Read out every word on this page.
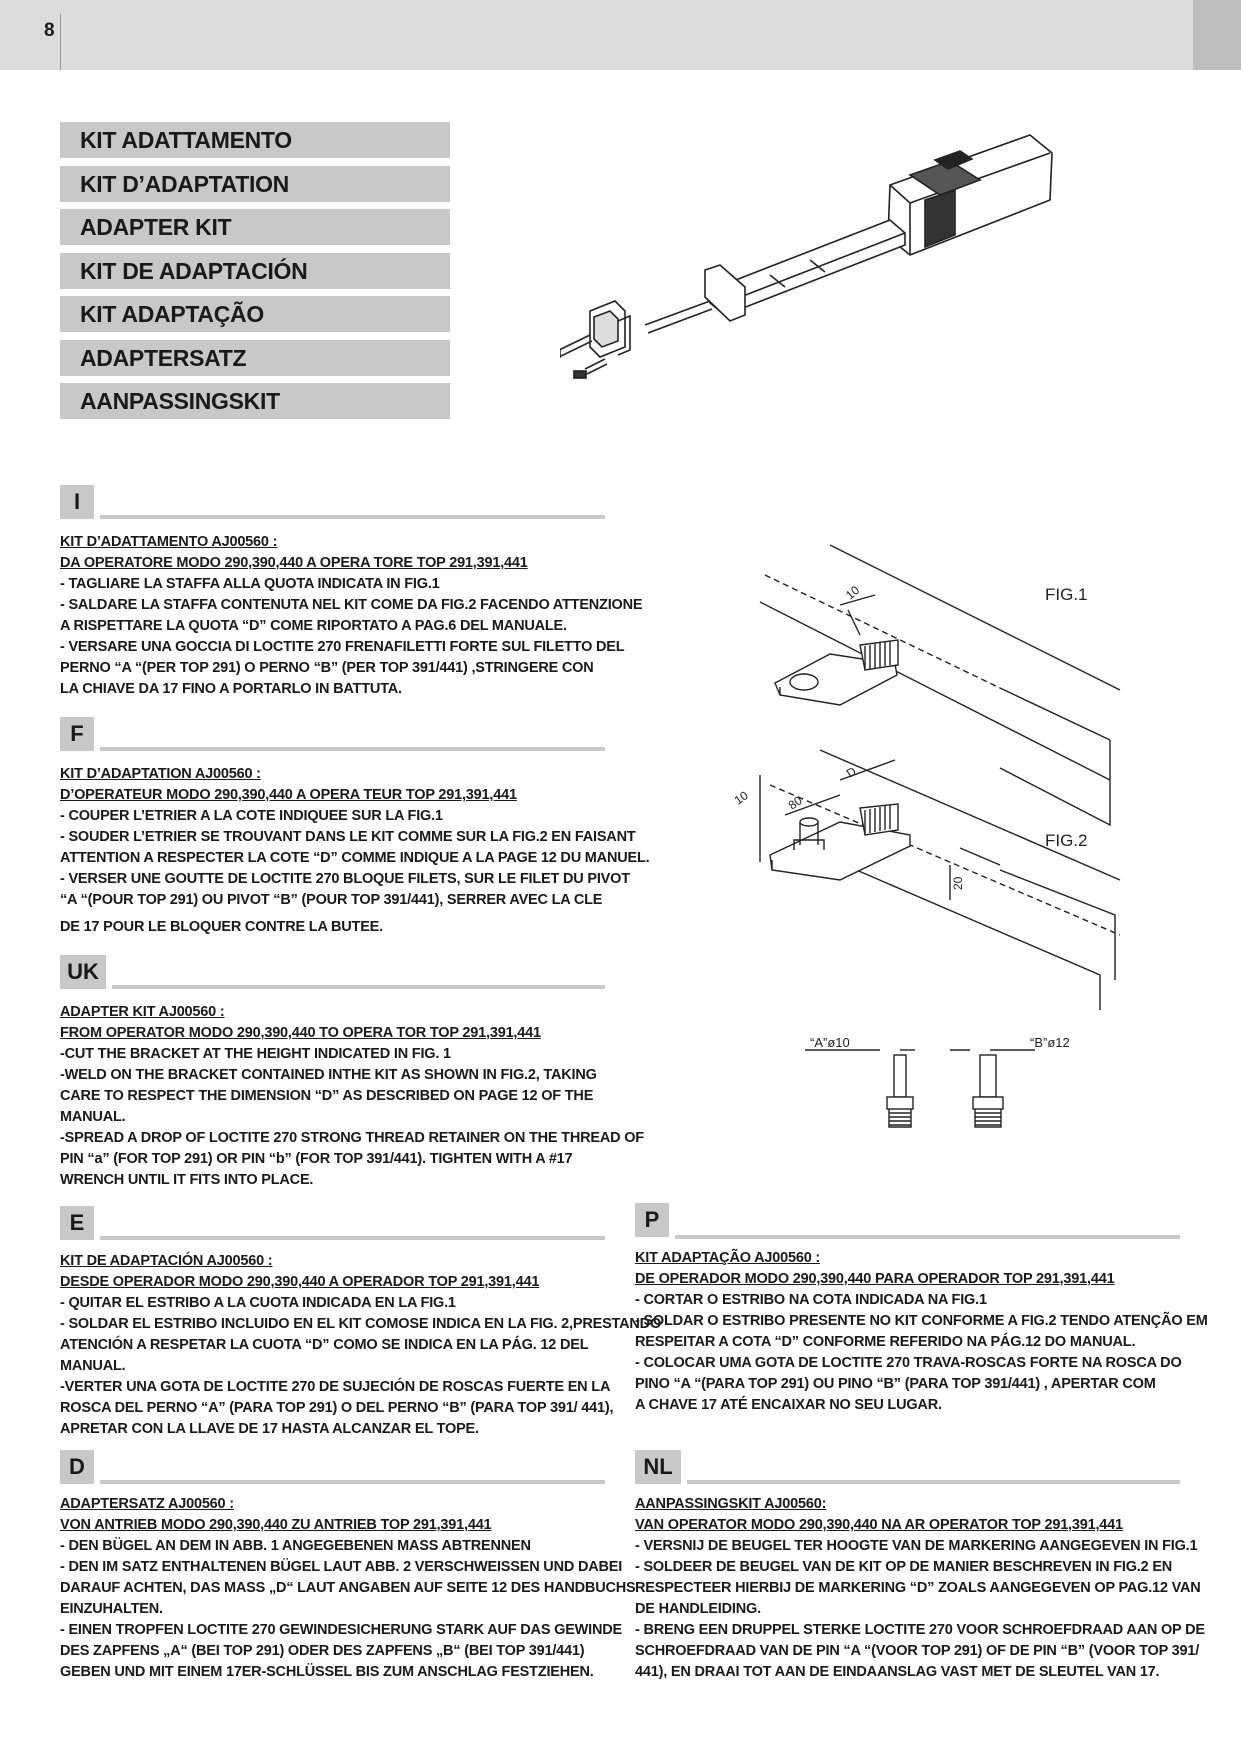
8
KIT ADATTAMENTO
KIT D’ADAPTATION
ADAPTER KIT
KIT DE ADAPTACIÓN
KIT ADAPTAÇÃO
ADAPTERSATZ
AANPASSINGSKIT
FIG.1
10
FIG.2
D
10	80
20
“A”ø10	“B”ø12
I

KIT D’ADATTAMENTO AJ00560 :

DA OPERATORE MODO 290,390,440 A OPERA TORE TOP 291,391,441

- TAGLIARE LA STAFFA ALLA QUOTA INDICATA IN FIG.1

- SALDARE LA STAFFA CONTENUTA NEL KIT COME DA FIG.2 FACENDO ATTENZIONE

A RISPETTARE LA QUOTA “D” COME RIPORTATO A PAG.6 DEL MANUALE.

- VERSARE UNA GOCCIA DI LOCTITE 270 FRENAFILETTI FORTE SUL FILETTO DEL

PERNO “A “(PER TOP 291) O PERNO “B” (PER TOP 391/441) ,STRINGERE CON

LA CHIAVE DA 17 FINO A PORTARLO IN BATTUTA.

F

KIT D’ADAPTATION AJ00560 :

D’OPERATEUR MODO 290,390,440 A OPERA TEUR TOP 291,391,441

- COUPER L’ETRIER A LA COTE INDIQUEE SUR LA FIG.1

- SOUDER L’ETRIER SE TROUVANT DANS LE KIT COMME SUR LA FIG.2 EN FAISANT

ATTENTION A RESPECTER LA COTE “D” COMME INDIQUE A LA PAGE 12 DU MANUEL.

- VERSER UNE GOUTTE DE LOCTITE 270 BLOQUE FILETS, SUR LE FILET DU PIVOT

“A “(POUR TOP 291) OU PIVOT “B” (POUR TOP 391/441), SERRER AVEC LA CLE

DE 17 POUR LE BLOQUER CONTRE LA BUTEE.

UK

ADAPTER KIT AJ00560 :

FROM OPERATOR MODO 290,390,440 TO OPERA TOR TOP 291,391,441

-CUT THE BRACKET AT THE HEIGHT INDICATED IN FIG. 1

-WELD ON THE BRACKET CONTAINED INTHE KIT AS SHOWN IN FIG.2, TAKING

CARE TO RESPECT THE DIMENSION “D” AS DESCRIBED ON PAGE 12 OF THE

MANUAL.

-SPREAD A DROP OF LOCTITE 270 STRONG THREAD RETAINER ON THE THREAD OF

PIN “a” (FOR TOP 291) OR PIN “b” (FOR TOP 391/441). TIGHTEN WITH A #17

WRENCH UNTIL IT FITS INTO PLACE.

E

KIT DE ADAPTACIÓN AJ00560 :

DESDE OPERADOR MODO 290,390,440 A OPERADOR TOP 291,391,441

- QUITAR EL ESTRIBO A LA CUOTA INDICADA EN LA FIG.1

- SOLDAR EL ESTRIBO INCLUIDO EN EL KIT COMOSE INDICA EN LA FIG. 2,PRESTANDO

ATENCIÓN A RESPETAR LA CUOTA “D” COMO SE INDICA EN LA PÁG. 12 DEL

MANUAL.

-VERTER UNA GOTA DE LOCTITE 270 DE SUJECIÓN DE ROSCAS FUERTE EN LA

ROSCA DEL PERNO “A” (PARA TOP 291) O DEL PERNO “B” (PARA TOP 391/ 441),

APRETAR CON LA LLAVE DE 17 HASTA ALCANZAR EL TOPE.

P

KIT ADAPTAÇÃO AJ00560 :

DE OPERADOR MODO 290,390,440 PARA OPERADOR TOP 291,391,441

- CORTAR O ESTRIBO NA COTA INDICADA NA FIG.1

- SOLDAR O ESTRIBO PRESENTE NO KIT CONFORME A FIG.2 TENDO ATENÇÃO EM

RESPEITAR A COTA “D” CONFORME REFERIDO NA PÁG.12 DO MANUAL.

- COLOCAR UMA GOTA DE LOCTITE 270 TRAVA-ROSCAS FORTE NA ROSCA DO

PINO “A “(PARA TOP 291) OU PINO “B” (PARA TOP 391/441) , APERTAR COM

A CHAVE 17 ATÉ ENCAIXAR NO SEU LUGAR.

D

ADAPTERSATZ AJ00560 :

VON ANTRIEB MODO 290,390,440 ZU ANTRIEB TOP 291,391,441

- DEN BÜGEL AN DEM IN ABB. 1 ANGEGEBENEN MASS ABTRENNEN

- DEN IM SATZ ENTHALTENEN BÜGEL LAUT ABB. 2 VERSCHWEISSEN UND DABEI

DARAUF ACHTEN, DAS MASS „D“ LAUT ANGABEN AUF SEITE 12 DES HANDBUCHS

EINZUHALTEN.

- EINEN TROPFEN LOCTITE 270 GEWINDESICHERUNG STARK AUF DAS GEWINDE

DES ZAPFENS „A“ (BEI TOP 291) ODER DES ZAPFENS „B“ (BEI TOP 391/441)

GEBEN UND MIT EINEM 17ER-SCHLÜSSEL BIS ZUM ANSCHLAG FESTZIEHEN.

NL

AANPASSINGSKIT AJ00560:

VAN OPERATOR MODO 290,390,440 NA AR OPERATOR TOP 291,391,441

- VERSNIJ DE BEUGEL TER HOOGTE VAN DE MARKERING AANGEGEVEN IN FIG.1

- SOLDEER DE BEUGEL VAN DE KIT OP DE MANIER BESCHREVEN IN FIG.2 EN

RESPECTEER HIERBIJ DE MARKERING “D” ZOALS AANGEGEVEN OP PAG.12 VAN

DE HANDLEIDING.

- BRENG EEN DRUPPEL STERKE LOCTITE 270 VOOR SCHROEFDRAAD AAN OP DE

SCHROEFDRAAD VAN DE PIN “A “(VOOR TOP 291) OF DE PIN “B” (VOOR TOP 391/

441), EN DRAAI TOT AAN DE EINDAANSLAG VAST MET DE SLEUTEL VAN 17.
